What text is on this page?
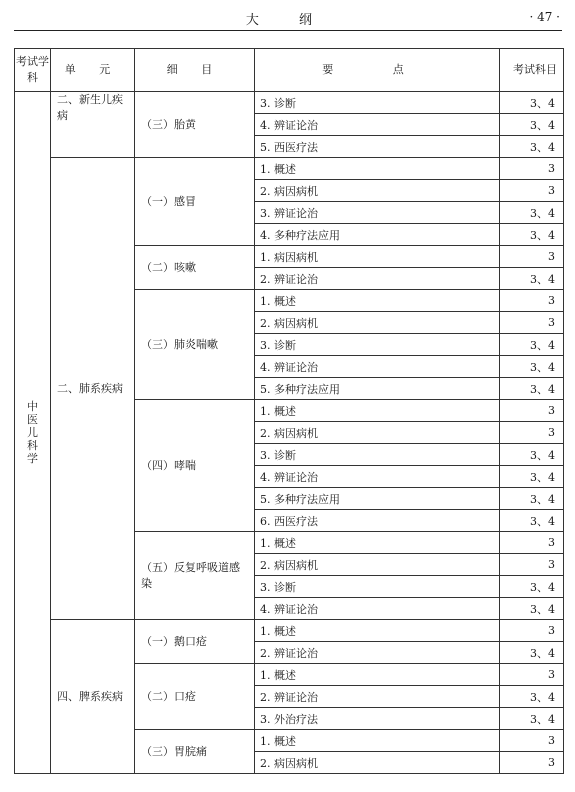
大 纲	· 47 ·
考试学科	单 元	细 目	要 点	考试科目
中医儿科学	二、新生儿疾病	（三）胎黄	3. 诊断	3、4
			4. 辨证论治	3、4
			5. 西医疗法	3、4
	二、肺系疾病	（一）感冒	1. 概述	3
			2. 病因病机	3
			3. 辨证论治	3、4
			4. 多种疗法应用	3、4
		（二）咳嗽	1. 病因病机	3
			2. 辨证论治	3、4
		（三）肺炎喘嗽	1. 概述	3
			2. 病因病机	3
			3. 诊断	3、4
			4. 辨证论治	3、4
			5. 多种疗法应用	3、4
		（四）哮喘	1. 概述	3
			2. 病因病机	3
			3. 诊断	3、4
			4. 辨证论治	3、4
			5. 多种疗法应用	3、4
			6. 西医疗法	3、4
		（五）反复呼吸道感染	1. 概述	3
			2. 病因病机	3
			3. 诊断	3、4
			4. 辨证论治	3、4
	四、脾系疾病	（一）鹅口疮	1. 概述	3
			2. 辨证论治	3、4
		（二）口疮	1. 概述	3
			2. 辨证论治	3、4
			3. 外治疗法	3、4
		（三）胃脘痛	1. 概述	3
			2. 病因病机	3
